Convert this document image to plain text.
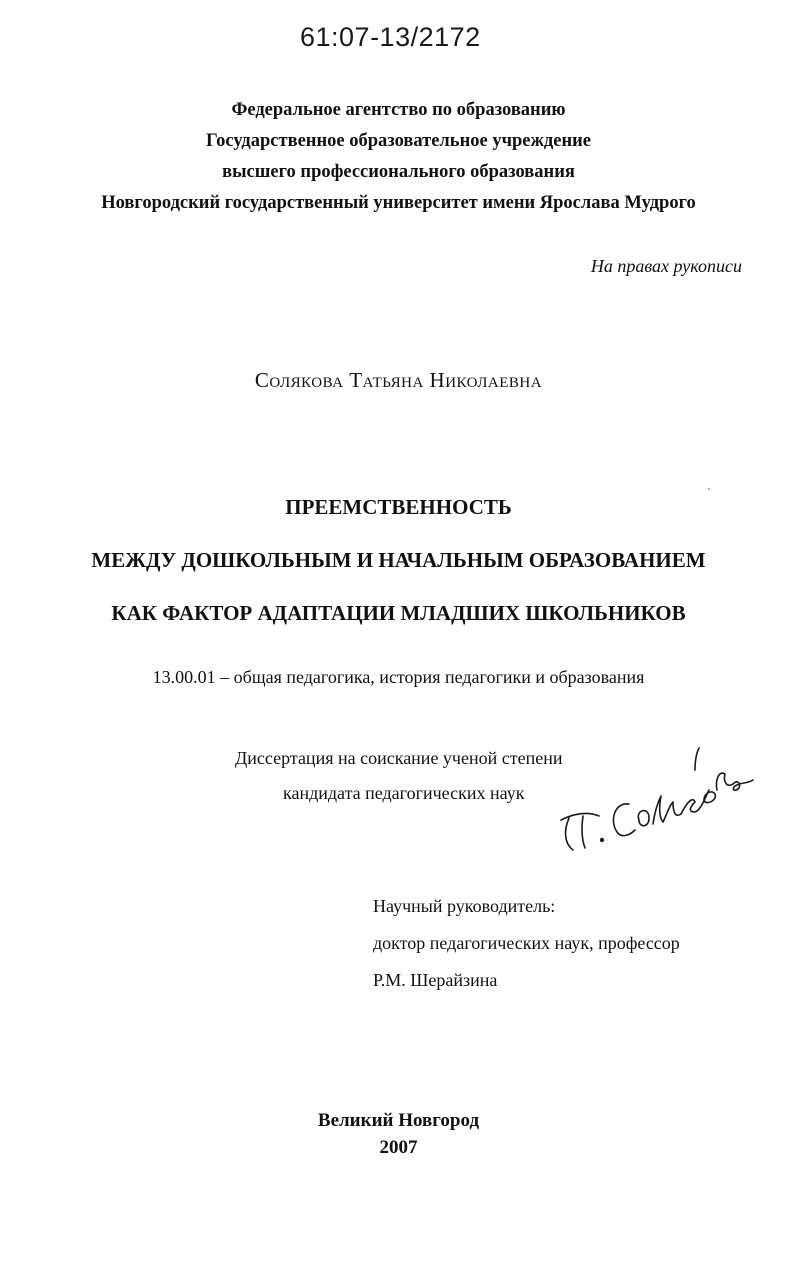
61:07-13/2172
Федеральное агентство по образованию
Государственное образовательное учреждение
высшего профессионального образования
Новгородский государственный университет имени Ярослава Мудрого
На правах рукописи
Солякова Татьяна Николаевна
ПРЕЕМСТВЕННОСТЬ
МЕЖДУ ДОШКОЛЬНЫМ И НАЧАЛЬНЫМ ОБРАЗОВАНИЕМ
КАК ФАКТОР АДАПТАЦИИ МЛАДШИХ ШКОЛЬНИКОВ
13.00.01 – общая педагогика, история педагогики и образования
Диссертация на соискание ученой степени
кандидата педагогических наук
Научный руководитель:
доктор педагогических наук, профессор
Р.М. Шерайзина
Великий Новгород
2007
